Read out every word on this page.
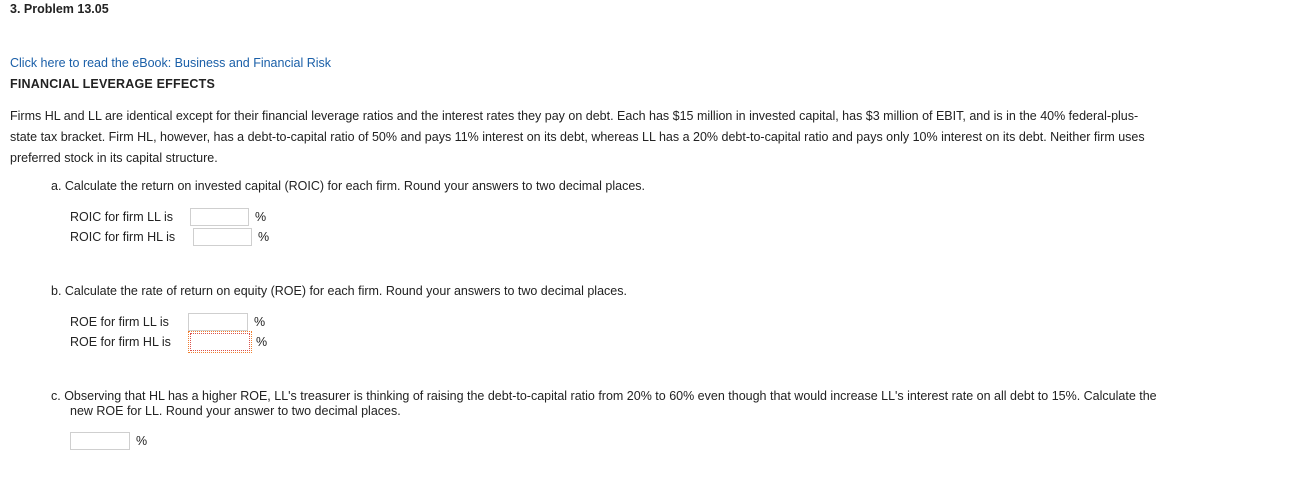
3. Problem 13.05
Click here to read the eBook: Business and Financial Risk
FINANCIAL LEVERAGE EFFECTS
Firms HL and LL are identical except for their financial leverage ratios and the interest rates they pay on debt. Each has $15 million in invested capital, has $3 million of EBIT, and is in the 40% federal-plus-
state tax bracket. Firm HL, however, has a debt-to-capital ratio of 50% and pays 11% interest on its debt, whereas LL has a 20% debt-to-capital ratio and pays only 10% interest on its debt. Neither firm uses
preferred stock in its capital structure.
a. Calculate the return on invested capital (ROIC) for each firm. Round your answers to two decimal places.
ROIC for firm LL is	%
ROIC for firm HL is	%
b. Calculate the rate of return on equity (ROE) for each firm. Round your answers to two decimal places.
ROE for firm LL is	%
ROE for firm HL is	%
c. Observing that HL has a higher ROE, LL's treasurer is thinking of raising the debt-to-capital ratio from 20% to 60% even though that would increase LL's interest rate on all debt to 15%. Calculate the
new ROE for LL. Round your answer to two decimal places.
%
